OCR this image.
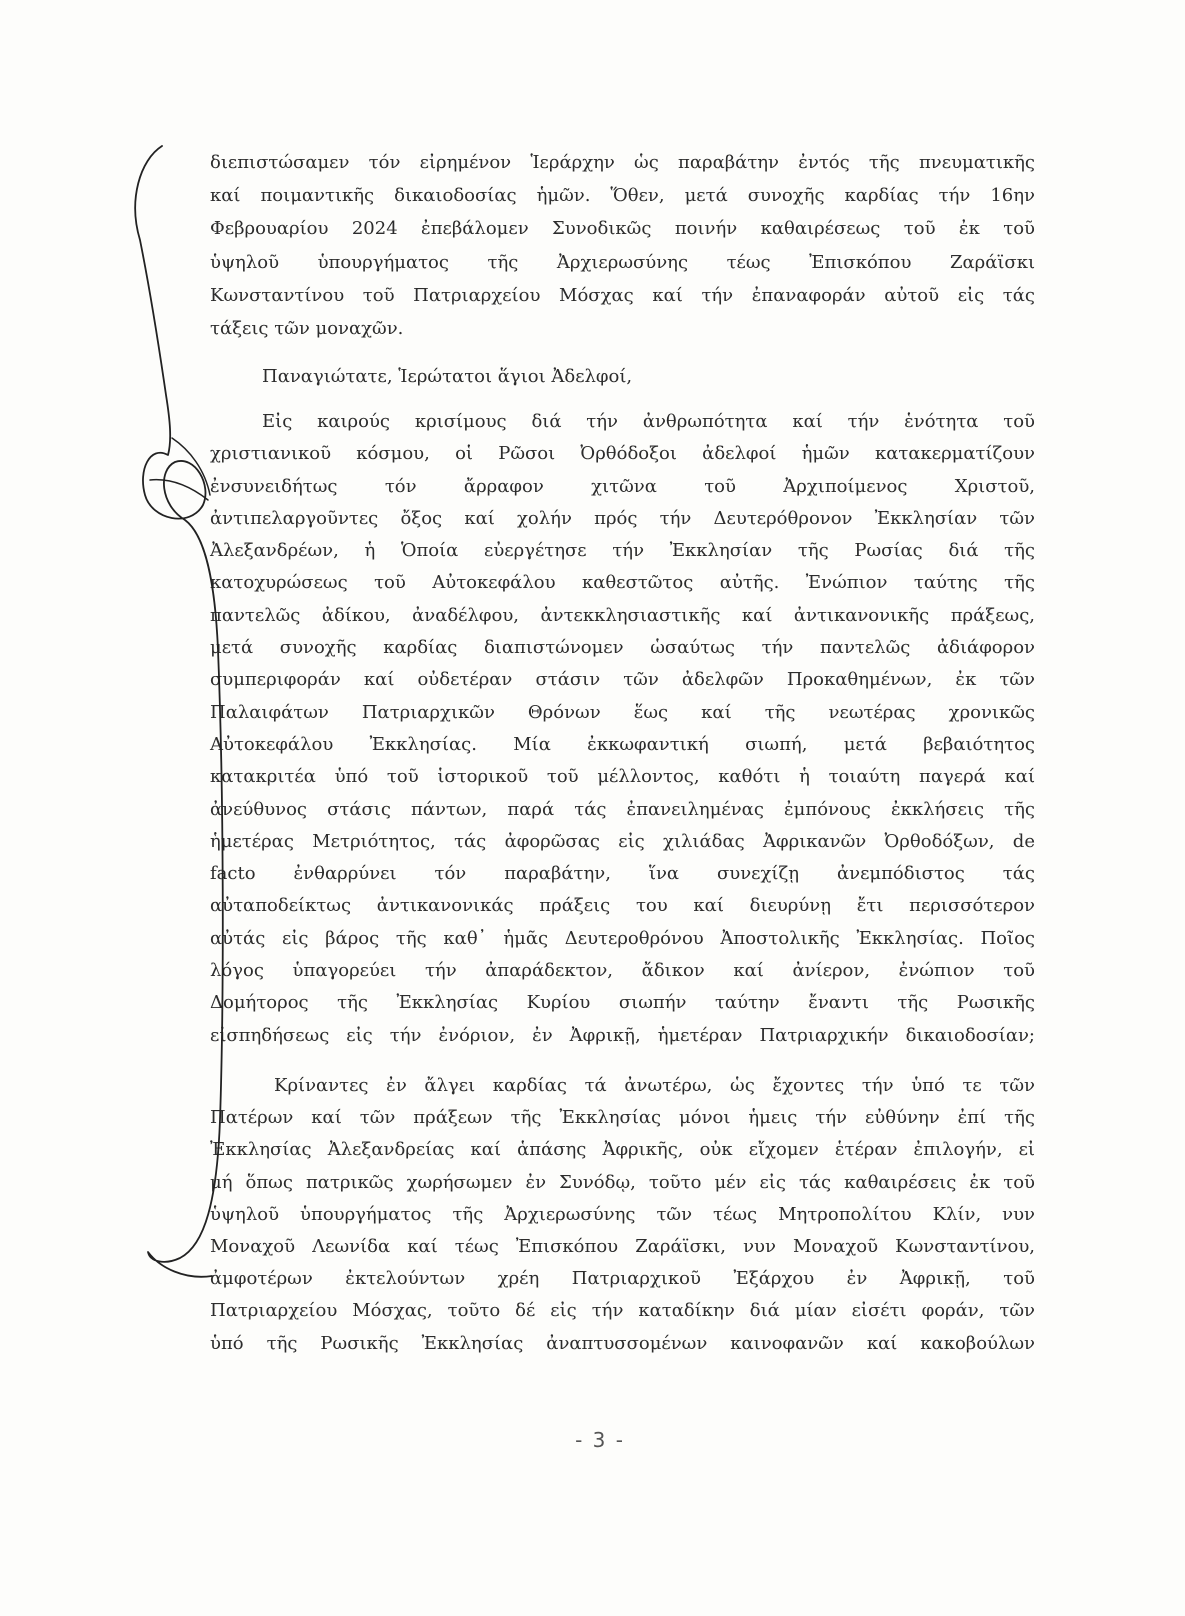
διεπιστώσαμεν τόν εἰρημένον Ἱεράρχην ὡς παραβάτην ἐντός τῆς πνευματικῆς
καί ποιμαντικῆς δικαιοδοσίας ἡμῶν. Ὅθεν, μετά συνοχῆς καρδίας τήν 16ην
Φεβρουαρίου 2024 ἐπεβάλομεν Συνοδικῶς ποινήν καθαιρέσεως τοῦ ἐκ τοῦ
ὑψηλοῦ ὑπουργήματος τῆς Ἀρχιερωσύνης τέως Ἐπισκόπου Ζαράϊσκι
Κωνσταντίνου τοῦ Πατριαρχείου Μόσχας καί τήν ἐπαναφοράν αὐτοῦ εἰς τάς
τάξεις τῶν μοναχῶν.
Παναγιώτατε, Ἱερώτατοι ἅγιοι Ἀδελφοί,
Εἰς καιρούς κρισίμους διά τήν ἀνθρωπότητα καί τήν ἑνότητα τοῦ
χριστιανικοῦ κόσμου, οἱ Ρῶσοι Ὀρθόδοξοι ἀδελφοί ἡμῶν κατακερματίζουν
ἐνσυνειδήτως τόν ἄρραφον χιτῶνα τοῦ Ἀρχιποίμενος Χριστοῦ,
ἀντιπελαργοῦντες ὄξος καί χολήν πρός τήν Δευτερόθρονον Ἐκκλησίαν τῶν
Ἀλεξανδρέων, ἡ Ὁποία εὐεργέτησε τήν Ἐκκλησίαν τῆς Ρωσίας διά τῆς
κατοχυρώσεως τοῦ Αὐτοκεφάλου καθεστῶτος αὐτῆς. Ἐνώπιον ταύτης τῆς
παντελῶς ἀδίκου, ἀναδέλφου, ἀντεκκλησιαστικῆς καί ἀντικανονικῆς πράξεως,
μετά συνοχῆς καρδίας διαπιστώνομεν ὡσαύτως τήν παντελῶς ἀδιάφορον
συμπεριφοράν καί οὐδετέραν στάσιν τῶν ἀδελφῶν Προκαθημένων, ἐκ τῶν
Παλαιφάτων Πατριαρχικῶν Θρόνων ἕως καί τῆς νεωτέρας χρονικῶς
Αὐτοκεφάλου Ἐκκλησίας. Μία ἐκκωφαντική σιωπή, μετά βεβαιότητος
κατακριτέα ὑπό τοῦ ἱστορικοῦ τοῦ μέλλοντος, καθότι ἡ τοιαύτη παγερά καί
ἀνεύθυνος στάσις πάντων, παρά τάς ἐπανειλημένας ἐμπόνους ἐκκλήσεις τῆς
ἡμετέρας Μετριότητος, τάς ἀφορῶσας εἰς χιλιάδας Ἀφρικανῶν Ὀρθοδόξων, de
facto ἐνθαρρύνει τόν παραβάτην, ἵνα συνεχίζῃ ἀνεμπόδιστος τάς
αὐταποδείκτως ἀντικανονικάς πράξεις του καί διευρύνῃ ἔτι περισσότερον
αὐτάς εἰς βάρος τῆς καθ᾽ ἡμᾶς Δευτεροθρόνου Ἀποστολικῆς Ἐκκλησίας. Ποῖος
λόγος ὑπαγορεύει τήν ἀπαράδεκτον, ἄδικον καί ἀνίερον, ἐνώπιον τοῦ
Δομήτορος τῆς Ἐκκλησίας Κυρίου σιωπήν ταύτην ἔναντι τῆς Ρωσικῆς
εἰσπηδήσεως εἰς τήν ἐνόριον, ἐν Ἀφρικῇ, ἡμετέραν Πατριαρχικήν δικαιοδοσίαν;
Κρίναντες ἐν ἄλγει καρδίας τά ἀνωτέρω, ὡς ἔχοντες τήν ὑπό τε τῶν
Πατέρων καί τῶν πράξεων τῆς Ἐκκλησίας μόνοι ἡμεις τήν εὐθύνην ἐπί τῆς
Ἐκκλησίας Ἀλεξανδρείας καί ἁπάσης Ἀφρικῆς, οὐκ εἴχομεν ἑτέραν ἐπιλογήν, εἰ
μή ὅπως πατρικῶς χωρήσωμεν ἐν Συνόδῳ, τοῦτο μέν εἰς τάς καθαιρέσεις ἐκ τοῦ
ὑψηλοῦ ὑπουργήματος τῆς Ἀρχιερωσύνης τῶν τέως Μητροπολίτου Κλίν, νυν
Μοναχοῦ Λεωνίδα καί τέως Ἐπισκόπου Ζαράϊσκι, νυν Μοναχοῦ Κωνσταντίνου,
ἀμφοτέρων ἐκτελούντων χρέη Πατριαρχικοῦ Ἐξάρχου ἐν Ἀφρικῇ, τοῦ
Πατριαρχείου Μόσχας, τοῦτο δέ εἰς τήν καταδίκην διά μίαν εἰσέτι φοράν, τῶν
ὑπό τῆς Ρωσικῆς Ἐκκλησίας ἀναπτυσσομένων καινοφανῶν καί κακοβούλων
- 3 -
